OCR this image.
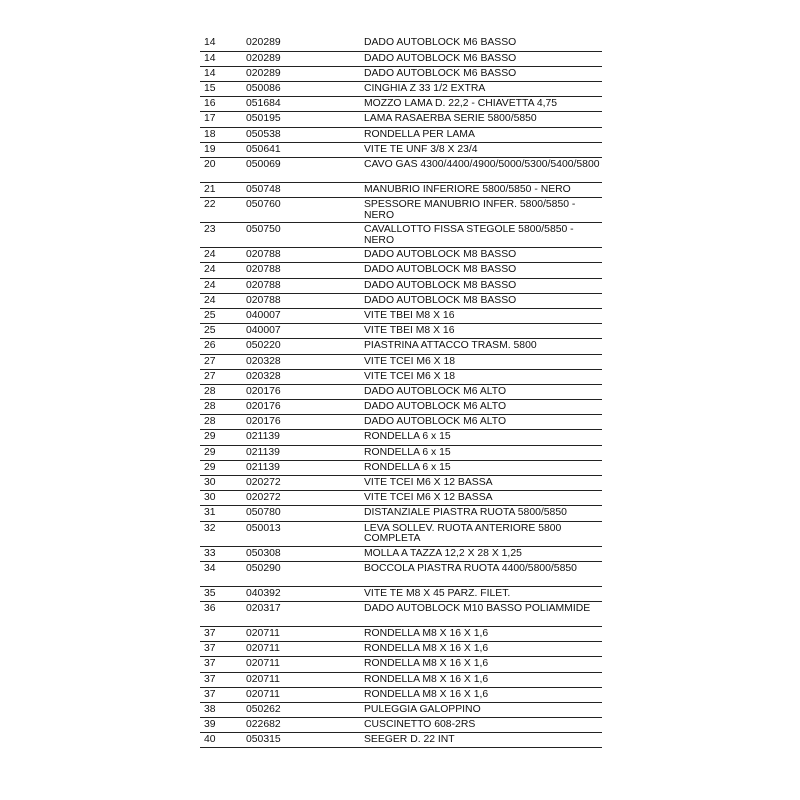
14	020289	DADO AUTOBLOCK M6 BASSO
14	020289	DADO AUTOBLOCK M6 BASSO
14	020289	DADO AUTOBLOCK M6 BASSO
15	050086	CINGHIA Z 33 1/2 EXTRA
16	051684	MOZZO LAMA D. 22,2 - CHIAVETTA 4,75
17	050195	LAMA RASAERBA SERIE 5800/5850
18	050538	RONDELLA PER LAMA
19	050641	VITE TE UNF 3/8 X 23/4
20	050069	CAVO GAS 4300/4400/4900/5000/5300/5400/5800
21	050748	MANUBRIO INFERIORE 5800/5850 - NERO
22	050760	SPESSORE MANUBRIO INFER. 5800/5850 - NERO
23	050750	CAVALLOTTO FISSA STEGOLE 5800/5850 - NERO
24	020788	DADO AUTOBLOCK M8 BASSO
24	020788	DADO AUTOBLOCK M8 BASSO
24	020788	DADO AUTOBLOCK M8 BASSO
24	020788	DADO AUTOBLOCK M8 BASSO
25	040007	VITE TBEI M8 X 16
25	040007	VITE TBEI M8 X 16
26	050220	PIASTRINA ATTACCO TRASM. 5800
27	020328	VITE TCEI M6 X 18
27	020328	VITE TCEI M6 X 18
28	020176	DADO AUTOBLOCK M6 ALTO
28	020176	DADO AUTOBLOCK M6 ALTO
28	020176	DADO AUTOBLOCK M6 ALTO
29	021139	RONDELLA 6 x 15
29	021139	RONDELLA 6 x 15
29	021139	RONDELLA 6 x 15
30	020272	VITE TCEI M6 X 12 BASSA
30	020272	VITE TCEI M6 X 12 BASSA
31	050780	DISTANZIALE PIASTRA RUOTA 5800/5850
32	050013	LEVA SOLLEV. RUOTA ANTERIORE 5800 COMPLETA
33	050308	MOLLA A TAZZA 12,2 X 28 X 1,25
34	050290	BOCCOLA PIASTRA RUOTA 4400/5800/5850
35	040392	VITE TE M8 X 45 PARZ. FILET.
36	020317	DADO AUTOBLOCK M10 BASSO POLIAMMIDE
37	020711	RONDELLA M8 X 16 X 1,6
37	020711	RONDELLA M8 X 16 X 1,6
37	020711	RONDELLA M8 X 16 X 1,6
37	020711	RONDELLA M8 X 16 X 1,6
37	020711	RONDELLA M8 X 16 X 1,6
38	050262	PULEGGIA GALOPPINO
39	022682	CUSCINETTO 608-2RS
40	050315	SEEGER D. 22 INT
